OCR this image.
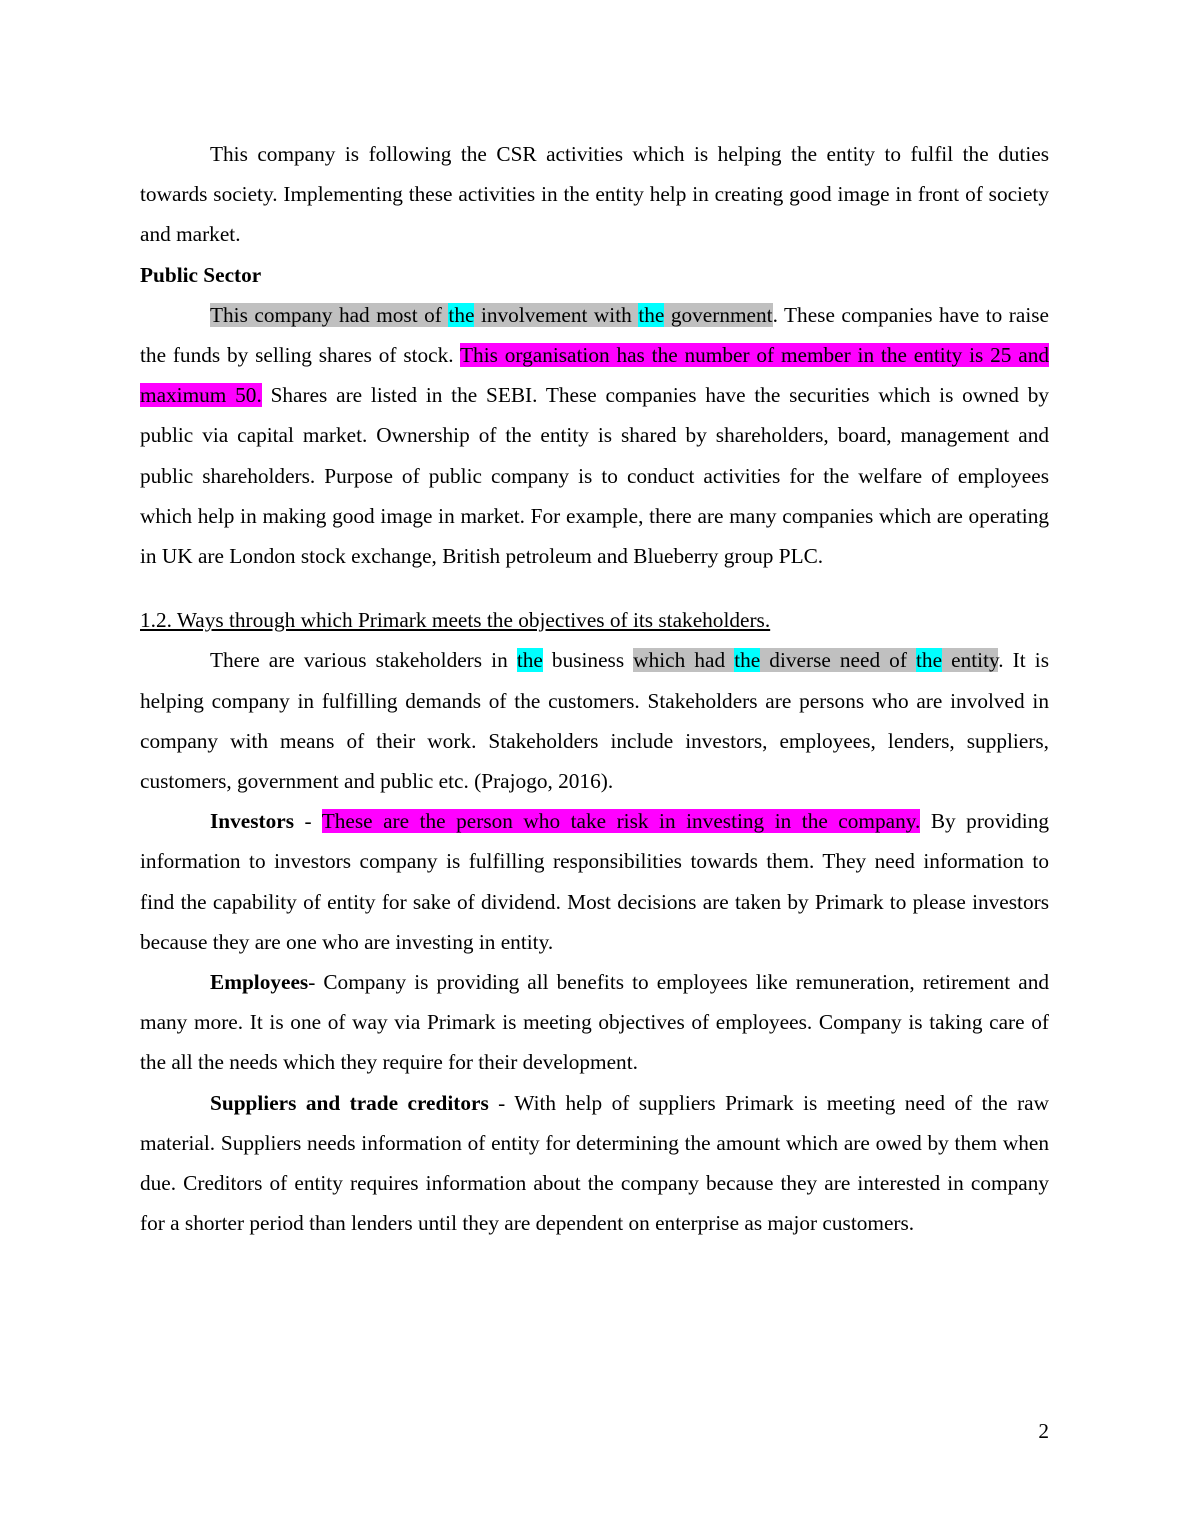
This company is following the CSR activities which is helping the entity to fulfil the duties towards society. Implementing these activities in the entity help in creating good image in front of society and market.

Public Sector

This company had most of the involvement with the government. These companies have to raise the funds by selling shares of stock. This organisation has the number of member in the entity is 25 and maximum 50. Shares are listed in the SEBI. These companies have the securities which is owned by public via capital market. Ownership of the entity is shared by shareholders, board, management and public shareholders. Purpose of public company is to conduct activities for the welfare of employees which help in making good image in market. For example, there are many companies which are operating in UK are London stock exchange, British petroleum and Blueberry group PLC.

1.2. Ways through which Primark meets the objectives of its stakeholders.

There are various stakeholders in the business which had the diverse need of the entity. It is helping company in fulfilling demands of the customers. Stakeholders are persons who are involved in company with means of their work. Stakeholders include investors, employees, lenders, suppliers, customers, government and public etc. (Prajogo, 2016).

Investors - These are the person who take risk in investing in the company. By providing information to investors company is fulfilling responsibilities towards them. They need information to find the capability of entity for sake of dividend. Most decisions are taken by Primark to please investors because they are one who are investing in entity.

Employees- Company is providing all benefits to employees like remuneration, retirement and many more. It is one of way via Primark is meeting objectives of employees. Company is taking care of the all the needs which they require for their development.

Suppliers and trade creditors - With help of suppliers Primark is meeting need of the raw material. Suppliers needs information of entity for determining the amount which are owed by them when due. Creditors of entity requires information about the company because they are interested in company for a shorter period than lenders until they are dependent on enterprise as major customers.

2
